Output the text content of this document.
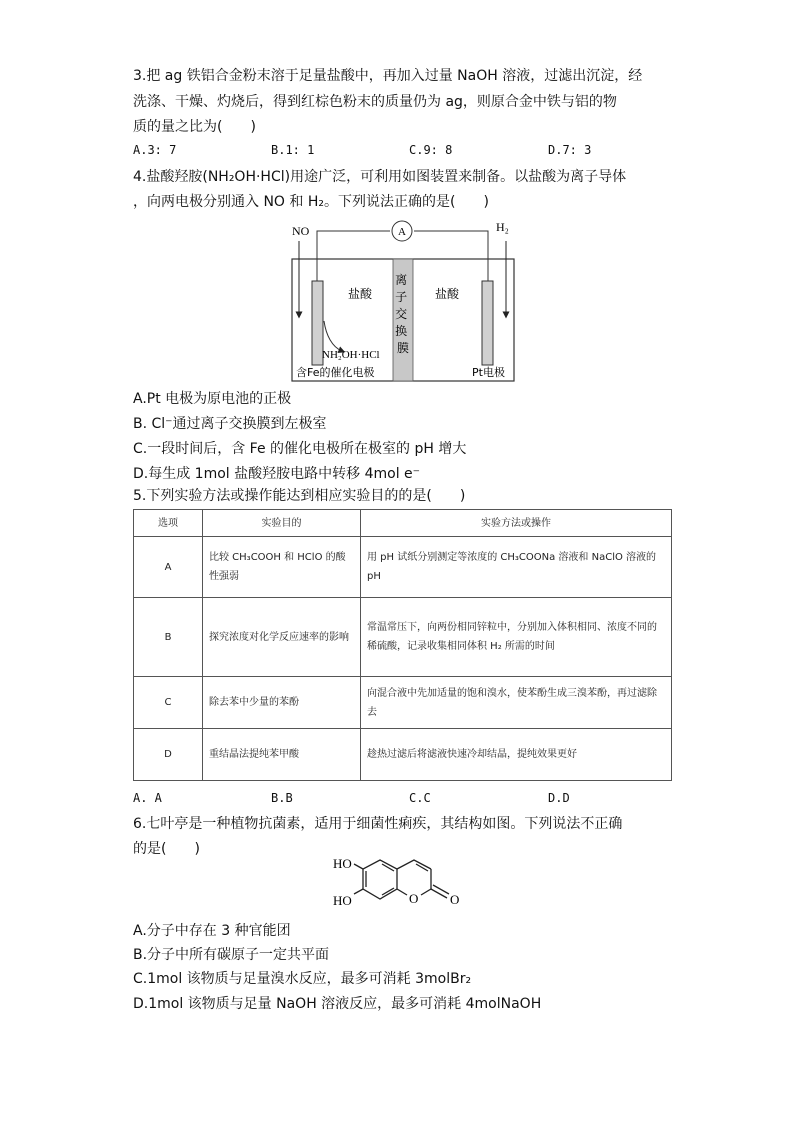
3.把 ag 铁铝合金粉末溶于足量盐酸中，再加入过量 NaOH 溶液，过滤出沉淀，经
洗涤、干燥、灼烧后，得到红棕色粉末的质量仍为 ag，则原合金中铁与铝的物
质的量之比为(　　)
A.3: 7	B.1: 1	C.9: 8	D.7: 3
4.盐酸羟胺(NH₂OH·HCl)用途广泛，可利用如图装置来制备。以盐酸为离子导体
，向两电极分别通入 NO 和 H₂。下列说法正确的是(　　)
NO	H₂
A
盐酸	盐酸
离 子 交 换 膜
NH₂OH·HCl
含Fe的催化电极	Pt电极
A.Pt 电极为原电池的正极
B. Cl⁻通过离子交换膜到左极室
C.一段时间后，含 Fe 的催化电极所在极室的 pH 增大
D.每生成 1mol 盐酸羟胺电路中转移 4mol e⁻
5.下列实验方法或操作能达到相应实验目的的是(　　)
选项	实验目的	实验方法或操作
A	比较 CH₃COOH 和 HClO 的酸性强弱	用 pH 试纸分别测定等浓度的 CH₃COONa 溶液和 NaClO 溶液的 pH
B	探究浓度对化学反应速率的影响	常温常压下，向两份相同锌粒中，分别加入体积相同、浓度不同的稀硫酸，记录收集相同体积 H₂ 所需的时间
C	除去苯中少量的苯酚	向混合液中先加适量的饱和溴水，使苯酚生成三溴苯酚，再过滤除去
D	重结晶法提纯苯甲酸	趁热过滤后将滤液快速冷却结晶，提纯效果更好
A. A	B.B	C.C	D.D
6.七叶亭是一种植物抗菌素，适用于细菌性痢疾，其结构如图。下列说法不正确
的是(　　)
HO
HO	O O
A.分子中存在 3 种官能团
B.分子中所有碳原子一定共平面
C.1mol 该物质与足量溴水反应，最多可消耗 3molBr₂
D.1mol 该物质与足量 NaOH 溶液反应，最多可消耗 4molNaOH
